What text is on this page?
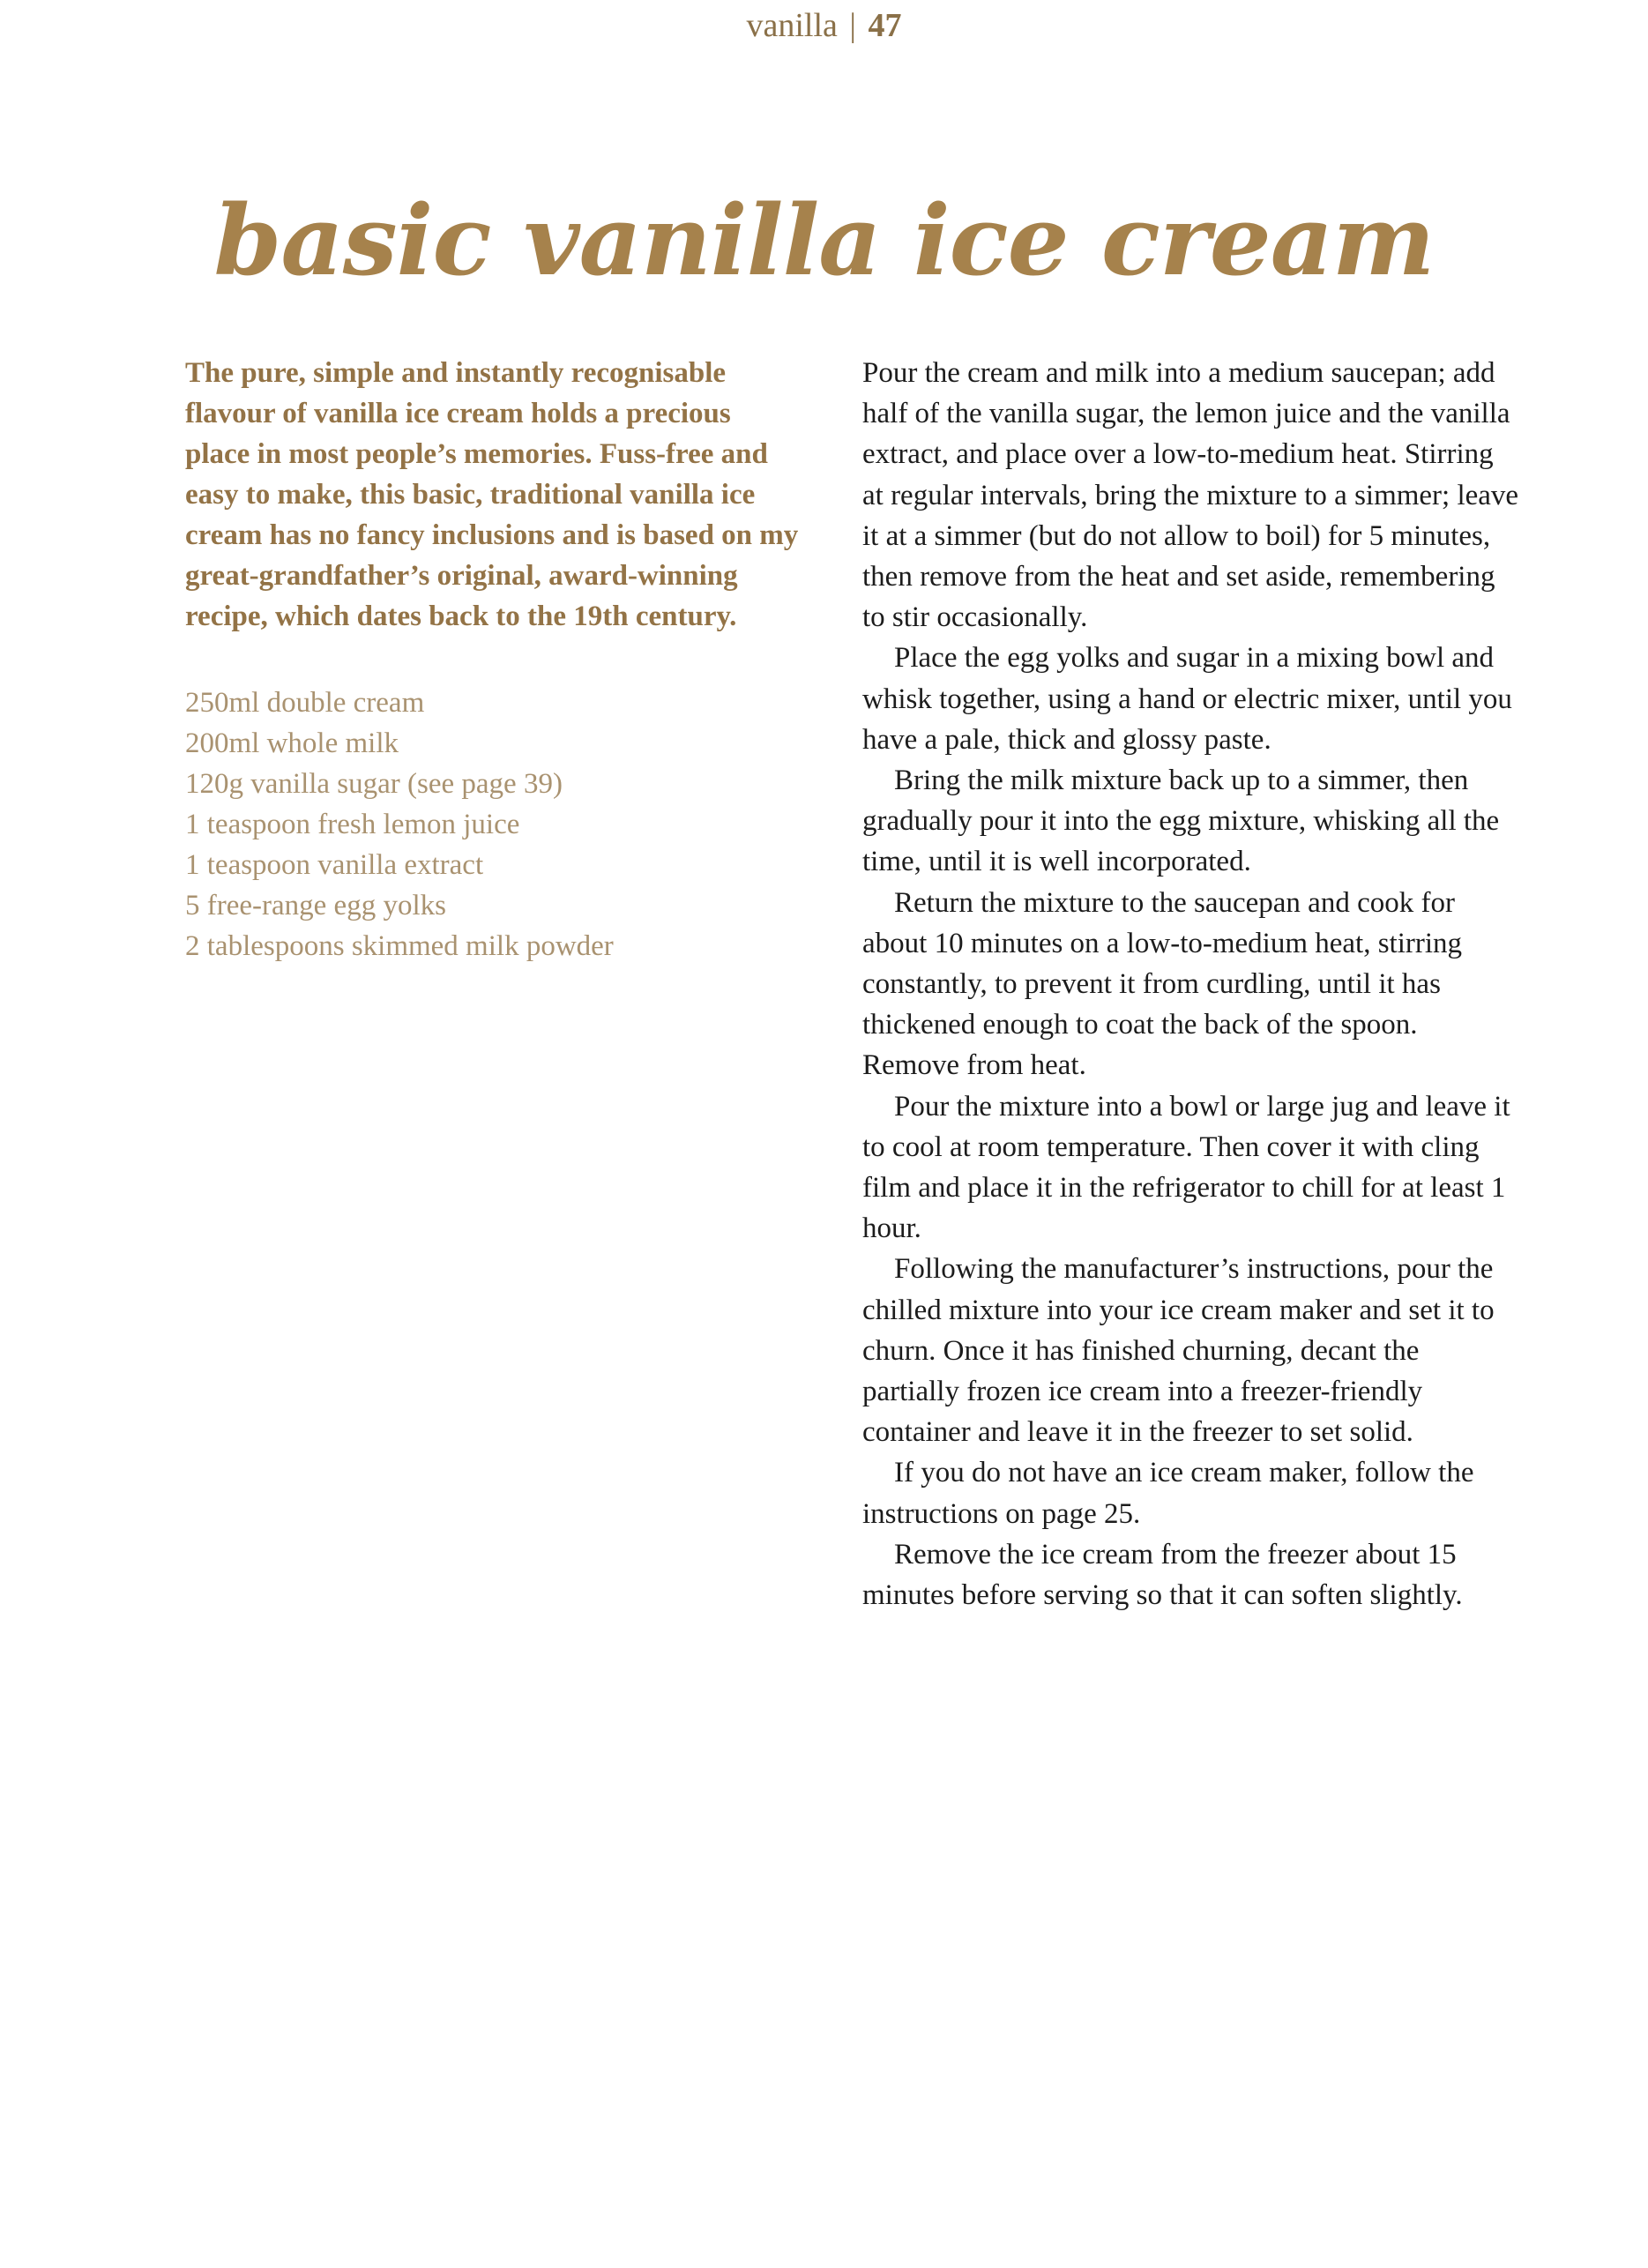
vanilla | 47
basic vanilla ice cream

The pure, simple and instantly recognisable flavour of vanilla ice cream holds a precious place in most people’s memories. Fuss-free and easy to make, this basic, traditional vanilla ice cream has no fancy inclusions and is based on my great-grandfather’s original, award-winning recipe, which dates back to the 19th century.

250ml double cream
200ml whole milk
120g vanilla sugar (see page 39)
1 teaspoon fresh lemon juice
1 teaspoon vanilla extract
5 free-range egg yolks
2 tablespoons skimmed milk powder

Pour the cream and milk into a medium saucepan; add half of the vanilla sugar, the lemon juice and the vanilla extract, and place over a low-to-medium heat. Stirring at regular intervals, bring the mixture to a simmer; leave it at a simmer (but do not allow to boil) for 5 minutes, then remove from the heat and set aside, remembering to stir occasionally.

Place the egg yolks and sugar in a mixing bowl and whisk together, using a hand or electric mixer, until you have a pale, thick and glossy paste.

Bring the milk mixture back up to a simmer, then gradually pour it into the egg mixture, whisking all the time, until it is well incorporated.

Return the mixture to the saucepan and cook for about 10 minutes on a low-to-medium heat, stirring constantly, to prevent it from curdling, until it has thickened enough to coat the back of the spoon. Remove from heat.

Pour the mixture into a bowl or large jug and leave it to cool at room temperature. Then cover it with cling film and place it in the refrigerator to chill for at least 1 hour.

Following the manufacturer’s instructions, pour the chilled mixture into your ice cream maker and set it to churn. Once it has finished churning, decant the partially frozen ice cream into a freezer-friendly container and leave it in the freezer to set solid.

If you do not have an ice cream maker, follow the instructions on page 25.

Remove the ice cream from the freezer about 15 minutes before serving so that it can soften slightly.
